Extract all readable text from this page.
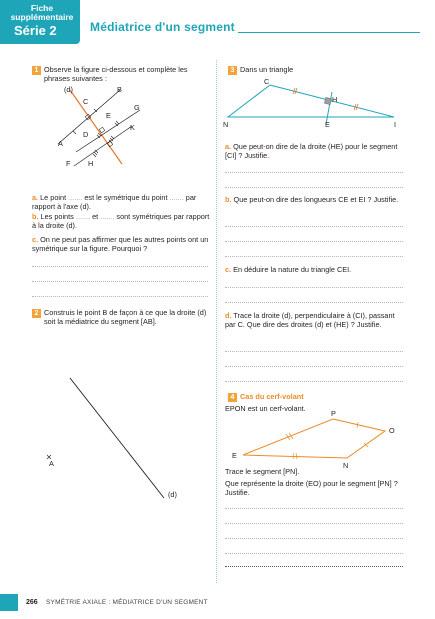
Fiche supplémentaire
Série 2	Médiatrice d'un segment
1 Observe la figure ci-dessous et complète les phrases suivantes :
(d)	B
C
G
E
D
K
A
F H
a. Le point ....... est le symétrique du point ....... par rapport à l'axe (d).
b. Les points ....... et ....... sont symétriques par rapport à la droite (d).
c. On ne peut pas affirmer que les autres points ont un symétrique sur la figure. Pourquoi ?
2 Construis le point B de façon à ce que la droite (d) soit la médiatrice du segment [AB].
A
(d)
3 Dans un triangle
C
H
N	E	I
a. Que peut-on dire de la droite (HE) pour le segment [CI] ? Justifie.
b. Que peut-on dire des longueurs CE et EI ? Justifie.
c. En déduire la nature du triangle CEI.
d. Trace la droite (d), perpendiculaire à (CI), passant par C. Que dire des droites (d) et (HE) ? Justifie.
4 Cas du cerf-volant
EPON est un cerf-volant.
P
O
E
N
Trace le segment [PN].
Que représente la droite (EO) pour le segment [PN] ? Justifie.
266 SYMÉTRIE AXIALE : MÉDIATRICE D'UN SEGMENT
